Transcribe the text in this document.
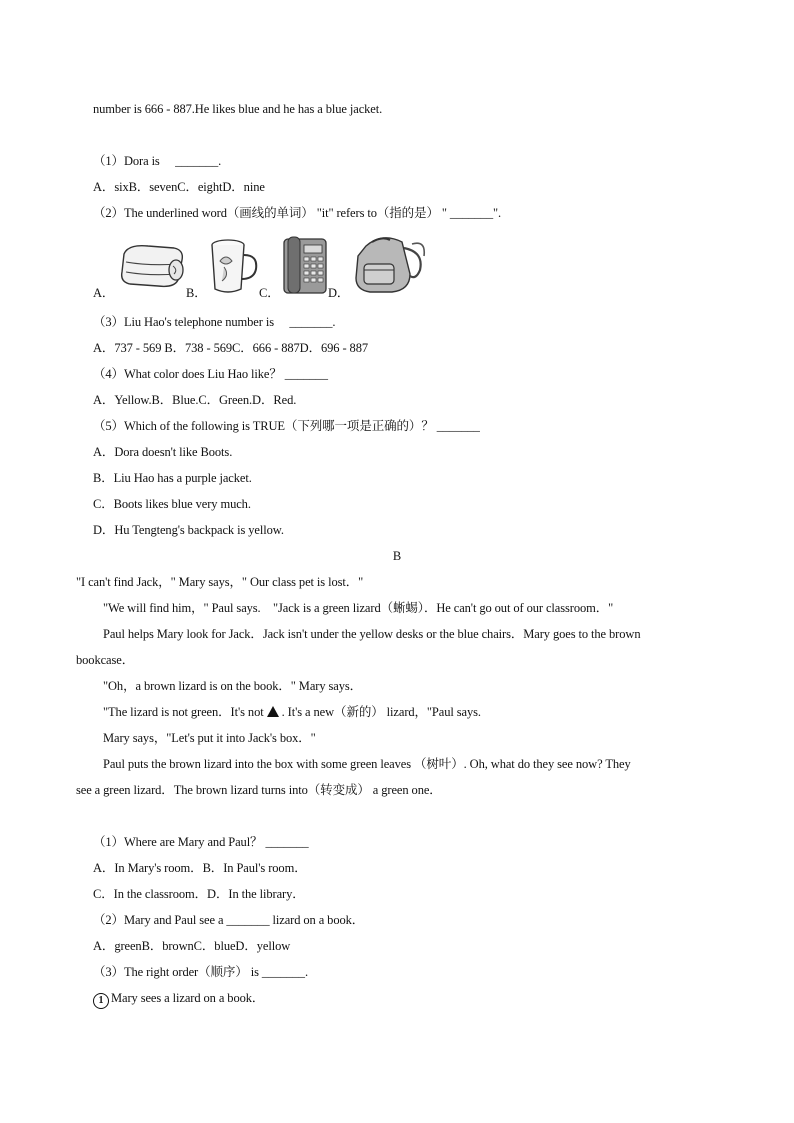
number is 666 - 887.He likes blue and he has a blue jacket.
（1）Dora is　 _______.
A．sixB．sevenC．eightD．nine
（2）The underlined word（画线的单词） "it" refers to（指的是） " _______".
A．	B．	C．	D．
（3）Liu Hao's telephone number is　 _______.
A．737 - 569 B．738 - 569C．666 - 887D．696 - 887
（4）What color does Liu Hao like？ _______
A．Yellow.B．Blue.C．Green.D．Red.
（5）Which of the following is TRUE（下列哪一项是正确的）？ _______
A．Dora doesn't like Boots.
B．Liu Hao has a purple jacket.
C．Boots likes blue very much.
D．Hu Tengteng's backpack is yellow.
B
"I can't find Jack，" Mary says，" Our class pet is lost．"
"We will find him，" Paul says.　"Jack is a green lizard（蜥蜴）．He can't go out of our classroom．"
Paul helps Mary look for Jack．Jack isn't under the yellow desks or the blue chairs．Mary goes to the brown
bookcase．
"Oh，a brown lizard is on the book．" Mary says．
"The lizard is not green．It's not . It's a new（新的） lizard，"Paul says.
Mary says，"Let's put it into Jack's box．"
Paul puts the brown lizard into the box with some green leaves （树叶）. Oh, what do they see now? They
see a green lizard．The brown lizard turns into（转变成） a green one．
（1）Where are Mary and Paul？ _______
A．In Mary's room．B．In Paul's room．
C．In the classroom．D．In the library．
（2）Mary and Paul see a _______ lizard on a book．
A．greenB．brownC．blueD．yellow
（3）The right order（顺序） is _______.
1 Mary sees a lizard on a book．
